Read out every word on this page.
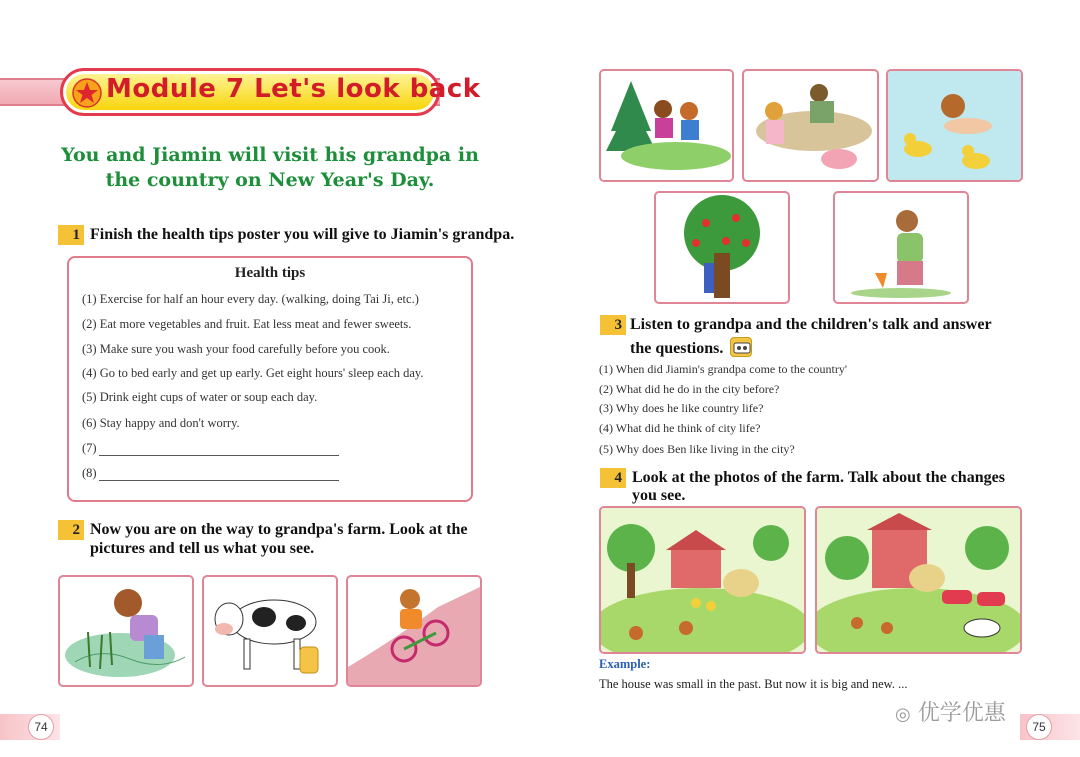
Module 7 Let's look back
You and Jiamin will visit his grandpa in
the country on New Year's Day.
1 Finish the health tips poster you will give to Jiamin's grandpa.
Health tips
(1) Exercise for half an hour every day. (walking, doing Tai Ji, etc.)
(2) Eat more vegetables and fruit. Eat less meat and fewer sweets.
(3) Make sure you wash your food carefully before you cook.
(4) Go to bed early and get up early. Get eight hours' sleep each day.
(5) Drink eight cups of water or soup each day.
(6) Stay happy and don't worry.
(7)
(8)
2 Now you are on the way to grandpa's farm. Look at the
pictures and tell us what you see.
74
3 Listen to grandpa and the children's talk and answer
the questions.
(1) When did Jiamin's grandpa come to the country'
(2) What did he do in the city before?
(3) Why does he like country life?
(4) What did he think of city life?
(5) Why does Ben like living in the city?
4 Look at the photos of the farm. Talk about the changes
you see.
Example:
The house was small in the past. But now it is big and new. ...
◎ 优学优惠
75
